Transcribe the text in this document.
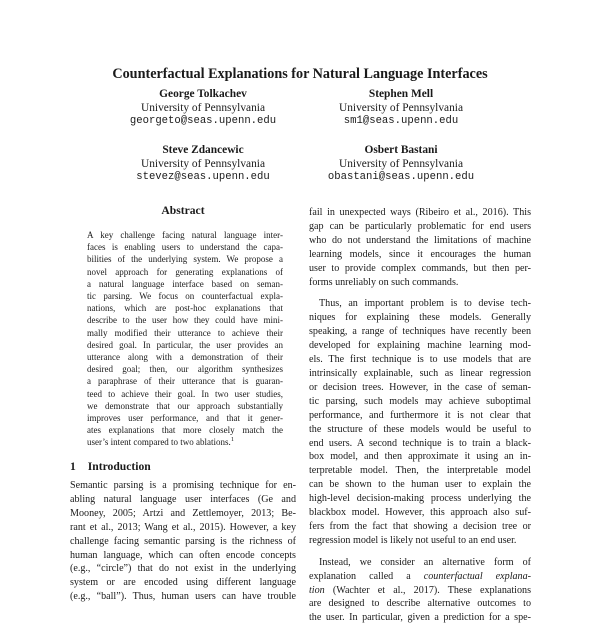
Counterfactual Explanations for Natural Language Interfaces
George Tolkachev
University of Pennsylvania
georgeto@seas.upenn.edu
Stephen Mell
University of Pennsylvania
sm1@seas.upenn.edu
Steve Zdancewic
University of Pennsylvania
stevez@seas.upenn.edu
Osbert Bastani
University of Pennsylvania
obastani@seas.upenn.edu
Abstract
A key challenge facing natural language inter-
faces is enabling users to understand the capa-
bilities of the underlying system. We propose a
novel approach for generating explanations of
a natural language interface based on seman-
tic parsing. We focus on counterfactual expla-
nations, which are post-hoc explanations that
describe to the user how they could have mini-
mally modified their utterance to achieve their
desired goal. In particular, the user provides an
utterance along with a demonstration of their
desired goal; then, our algorithm synthesizes
a paraphrase of their utterance that is guaran-
teed to achieve their goal. In two user studies,
we demonstrate that our approach substantially
improves user performance, and that it gener-
ates explanations that more closely match the
user’s intent compared to two ablations.$^1$
1 Introduction
Semantic parsing is a promising technique for en-
abling natural language user interfaces (Ge and
Mooney, 2005; Artzi and Zettlemoyer, 2013; Be-
rant et al., 2013; Wang et al., 2015). However, a key
challenge facing semantic parsing is the richness of
human language, which can often encode concepts
(e.g., “circle”) that do not exist in the underlying
system or are encoded using different language
(e.g., “ball”). Thus, human users can have trouble
fail in unexpected ways (Ribeiro et al., 2016). This
gap can be particularly problematic for end users
who do not understand the limitations of machine
learning models, since it encourages the human
user to provide complex commands, but then per-
forms unreliably on such commands.
Thus, an important problem is to devise tech-
niques for explaining these models. Generally
speaking, a range of techniques have recently been
developed for explaining machine learning mod-
els. The first technique is to use models that are
intrinsically explainable, such as linear regression
or decision trees. However, in the case of seman-
tic parsing, such models may achieve suboptimal
performance, and furthermore it is not clear that
the structure of these models would be useful to
end users. A second technique is to train a black-
box model, and then approximate it using an in-
terpretable model. Then, the interpretable model
can be shown to the human user to explain the
high-level decision-making process underlying the
blackbox model. However, this approach also suf-
fers from the fact that showing a decision tree or
regression model is likely not useful to an end user.
Instead, we consider an alternative form of
explanation called a counterfactual explana-
tion (Wachter et al., 2017). These explanations
are designed to describe alternative outcomes to
the user. In particular, given a prediction for a spe-
